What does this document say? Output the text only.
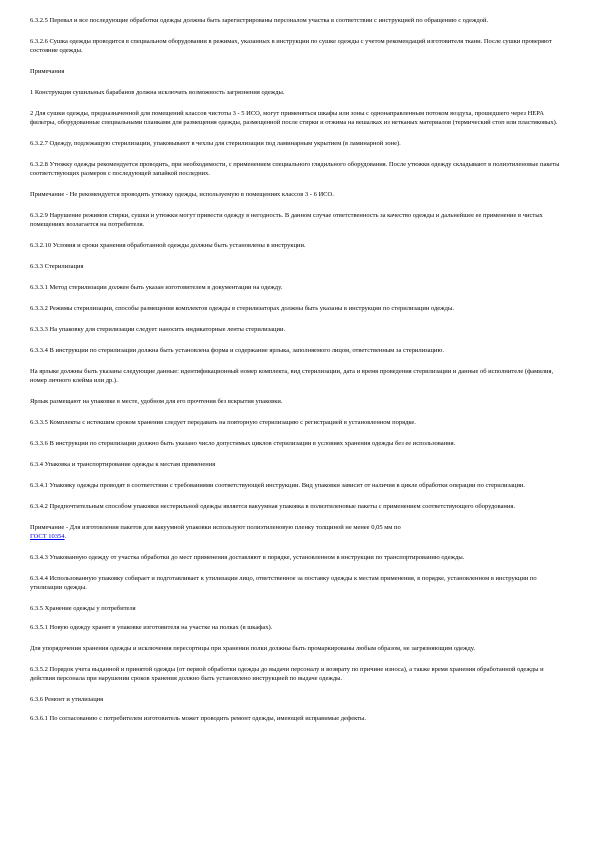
6.3.2.5 Перевал и все последующие обработки одежды должны быть зарегистрированы персоналом участка в соответствии с инструкцией по обращению с одеждой.
6.3.2.6 Сушка одежды проводится в специальном оборудовании в режимах, указанных в инструкции по сушке одежды с учетом рекомендаций изготовителя ткани. После сушки проверяют состояние одежды.
Примечания
1 Конструкция сушильных барабанов должна исключать возможность загрязнения одежды.
2 Для сушки одежды, предназначенной для помещений классов чистоты 3 - 5 ИСО, могут применяться шкафы или зоны с однонаправленным потоком воздуха, прошедшего через HEPA фильтры, оборудованные специальными планками для размещения одежды, размещенной после стирки и отжима на вешалках из нетканых материалов (термический стоп или пластиковых).
6.3.2.7 Одежду, подлежащую стерилизации, упаковывают в чехлы для стерилизации под ламинарным укрытием (в ламинарной зоне).
6.3.2.8 Утюжку одежды рекомендуется проводить, при необходимости, с применением специального глядильного оборудования. После утюжки одежду складывают в полиэтиленовые пакеты соответствующих размеров с последующей запайкой последних.
Примечание - Не рекомендуется проводить утюжку одежды, используемую в помещениях классов 3 - 6 ИСО.
6.3.2.9 Нарушение режимов стирки, сушки и утюжки могут привести одежду в негодность. В данном случае ответственность за качество одежды и дальнейшее ее применение в чистых помещениях возлагается на потребителя.
6.3.2.10 Условия и сроки хранения обработанной одежды должны быть установлены в инструкции.
6.3.3 Стерилизация
6.3.3.1 Метод стерилизации должен быть указан изготовителем в документации на одежду.
6.3.3.2 Режимы стерилизации, способы размещения комплектов одежды в стерилизаторах должны быть указаны в инструкции по стерилизации одежды.
6.3.3.3 На упаковку для стерилизации следует наносить индикаторные ленты стерилизации.
6.3.3.4 В инструкции по стерилизации должна быть установлена форма и содержание ярлыка, заполняемого лицом, ответственным за стерилизацию.
На ярлыке должны быть указаны следующие данные: идентификационный номер комплекта, вид стерилизации, дата и время проведения стерилизации и данные об исполнителе (фамилия, номер личного клейма или др.).
Ярлык размещают на упаковке в месте, удобном для его прочтения без вскрытия упаковки.
6.3.3.5 Комплекты с истекшим сроком хранения следует передавать на повторную стерилизацию с регистрацией в установленном порядке.
6.3.3.6 В инструкции по стерилизации должно быть указано число допустимых циклов стерилизации в условиях хранения одежды без ее использования.
6.3.4 Упаковка и транспортирование одежды к местам применения
6.3.4.1 Упаковку одежды проводят в соответствии с требованиями соответствующей инструкции. Вид упаковки зависит от наличия в цикле обработки операции по стерилизации.
6.3.4.2 Предпочтительным способом упаковки нестерильной одежды является вакуумная упаковка в полиэтиленовые пакеты с применением соответствующего оборудования.
Примечание - Для изготовления пакетов для вакуумной упаковки используют полиэтиленовую пленку толщиной не менее 0,05 мм по
ГОСТ 10354.
6.3.4.3 Упакованную одежду от участка обработки до мест применения доставляют в порядке, установленном в инструкции по транспортированию одежды.
6.3.4.4 Использованную упаковку собирает и подготавливает к утилизации лицо, ответственное за поставку одежды к местам применения, в порядке, установленном в инструкции по утилизации одежды.
6.3.5 Хранение одежды у потребителя
6.3.5.1 Новую одежду хранят в упаковке изготовителя на участке на полках (в шкафах).
Для упорядочения хранения одежды и исключения пересортицы при хранении полки должны быть промаркированы любым образом, не загрязняющим одежду.
6.3.5.2 Порядок учета выданной и принятой одежды (от первой обработки одежды до выдачи персоналу и возврату по причине износа), а также время хранения обработанной одежды и действия персонала при нарушении сроков хранения должно быть установлено инструкцией по выдаче одежды.
6.3.6 Ремонт и утилизация
6.3.6.1 По согласованию с потребителем изготовитель может проводить ремонт одежды, имеющей исправимые дефекты.
